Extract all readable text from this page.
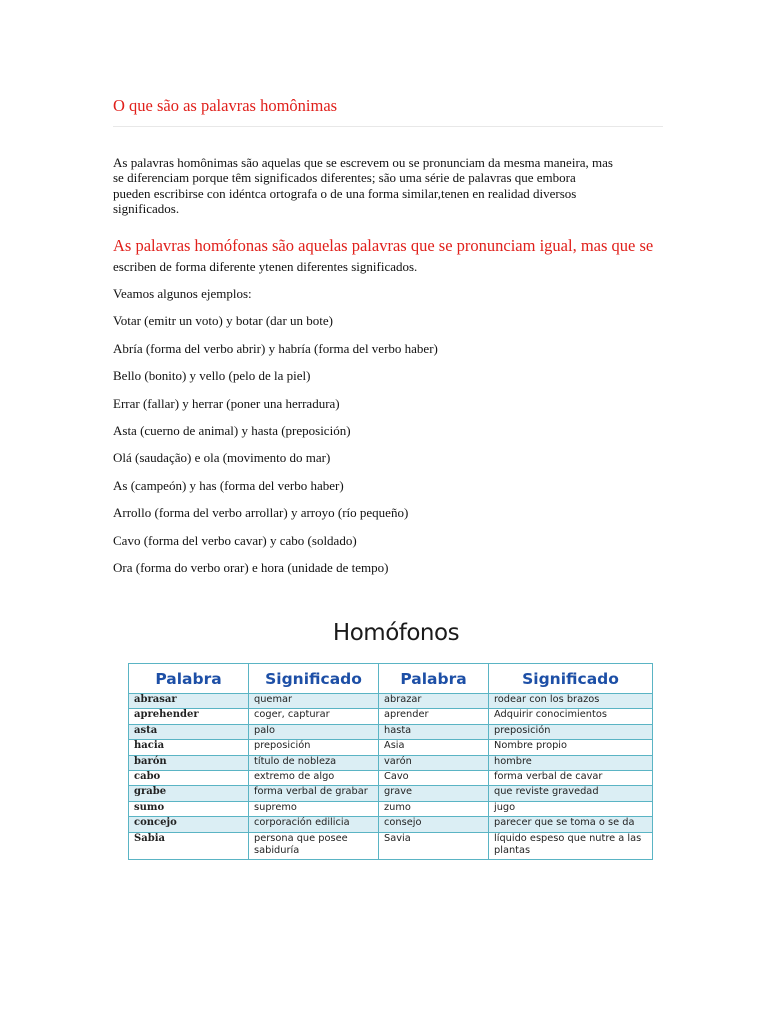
O que são as palavras homônimas
As palavras homônimas são aquelas que se escrevem ou se pronunciam da mesma maneira, mas
se diferenciam porque têm significados diferentes; são uma série de palavras que embora
pueden escribirse con idéntca ortografa o de una forma similar,tenen en realidad diversos
significados.
As palavras homófonas são aquelas palavras que se pronunciam igual, mas que se
escriben de forma diferente ytenen diferentes significados.
Veamos algunos ejemplos:
Votar (emitr un voto) y botar (dar un bote)
Abría (forma del verbo abrir) y habría (forma del verbo haber)
Bello (bonito) y vello (pelo de la piel)
Errar (fallar) y herrar (poner una herradura)
Asta (cuerno de animal) y hasta (preposición)
Olá (saudação) e ola (movimento do mar)
As (campeón) y has (forma del verbo haber)
Arrollo (forma del verbo arrollar) y arroyo (río pequeño)
Cavo (forma del verbo cavar) y cabo (soldado)
Ora (forma do verbo orar) e hora (unidade de tempo)
Homófonos
Palabra	Significado	Palabra	Significado
abrasar	quemar	abrazar	rodear con los brazos
aprehender	coger, capturar	aprender	Adquirir conocimientos
asta	palo	hasta	preposición
hacia	preposición	Asia	Nombre propio
barón	título de nobleza	varón	hombre
cabo	extremo de algo	Cavo	forma verbal de cavar
grabe	forma verbal de grabar	grave	que reviste gravedad
sumo	supremo	zumo	jugo
concejo	corporación edilicia	consejo	parecer que se toma o se da
Sabia	persona que posee sabiduría	Savia	líquido espeso que nutre a las plantas
